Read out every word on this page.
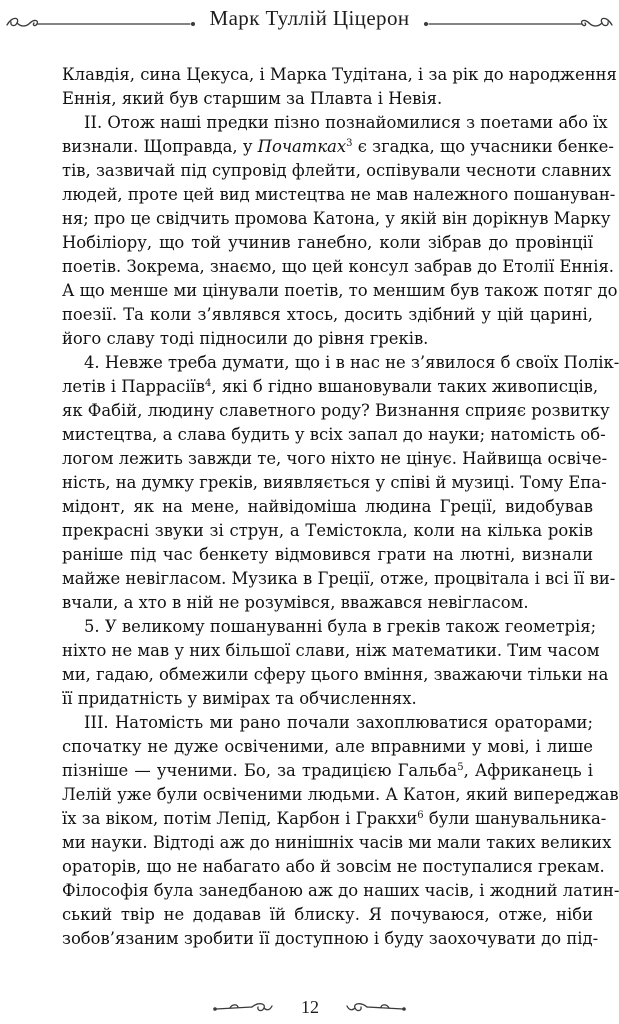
Марк Туллій Ціцерон
Клавдія, сина Цекуса, і Марка Тудітана, і за рік до народження
Еннія, який був старшим за Плавта і Невія.
II. Отож наші предки пізно познайомилися з поетами або їх
визнали. Щоправда, у Початках$^3$ є згадка, що учасники бенке-
тів, зазвичай під супровід флейти, оспівували чесноти славних
людей, проте цей вид мистецтва не мав належного пошануван-
ня; про це свідчить промова Катона, у якій він дорікнув Марку
Нобіліору, що той учинив ганебно, коли зібрав до провінції
поетів. Зокрема, знаємо, що цей консул забрав до Етолії Еннія.
А що менше ми цінували поетів, то меншим був також потяг до
поезії. Та коли з’являвся хтось, досить здібний у цій царині,
його славу тоді підносили до рівня греків.
4. Невже треба думати, що і в нас не з’явилося б своїх Полік-
летів і Паррасіїв$^4$, які б гідно вшановували таких живописців,
як Фабій, людину славетного роду? Визнання сприяє розвитку
мистецтва, а слава будить у всіх запал до науки; натомість об-
логом лежить завжди те, чого ніхто не цінує. Найвища освіче-
ність, на думку греків, виявляється у співі й музиці. Тому Епа-
мідонт, як на мене, найвідоміша людина Греції, видобував
прекрасні звуки зі струн, а Темістокла, коли на кілька років
раніше під час бенкету відмовився грати на лютні, визнали
майже невігласом. Музика в Греції, отже, процвітала і всі її ви-
вчали, а хто в ній не розумівся, вважався невігласом.
5. У великому пошануванні була в греків також геометрія;
ніхто не мав у них більшої слави, ніж математики. Тим часом
ми, гадаю, обмежили сферу цього вміння, зважаючи тільки на
її придатність у вимірах та обчисленнях.
III. Натомість ми рано почали захоплюватися ораторами;
спочатку не дуже освіченими, але вправними у мові, і лише
пізніше — ученими. Бо, за традицією Гальба$^5$, Африканець і
Лелій уже були освіченими людьми. А Катон, який випереджав
їх за віком, потім Лепід, Карбон і Гракхи$^6$ були шанувальника-
ми науки. Відтоді аж до нинішніх часів ми мали таких великих
ораторів, що не набагато або й зовсім не поступалися грекам.
Філософія була занедбаною аж до наших часів, і жодний латин-
ський твір не додавав їй блиску. Я почуваюся, отже, ніби
зобов’язаним зробити її доступною і буду заохочувати до під-
12
